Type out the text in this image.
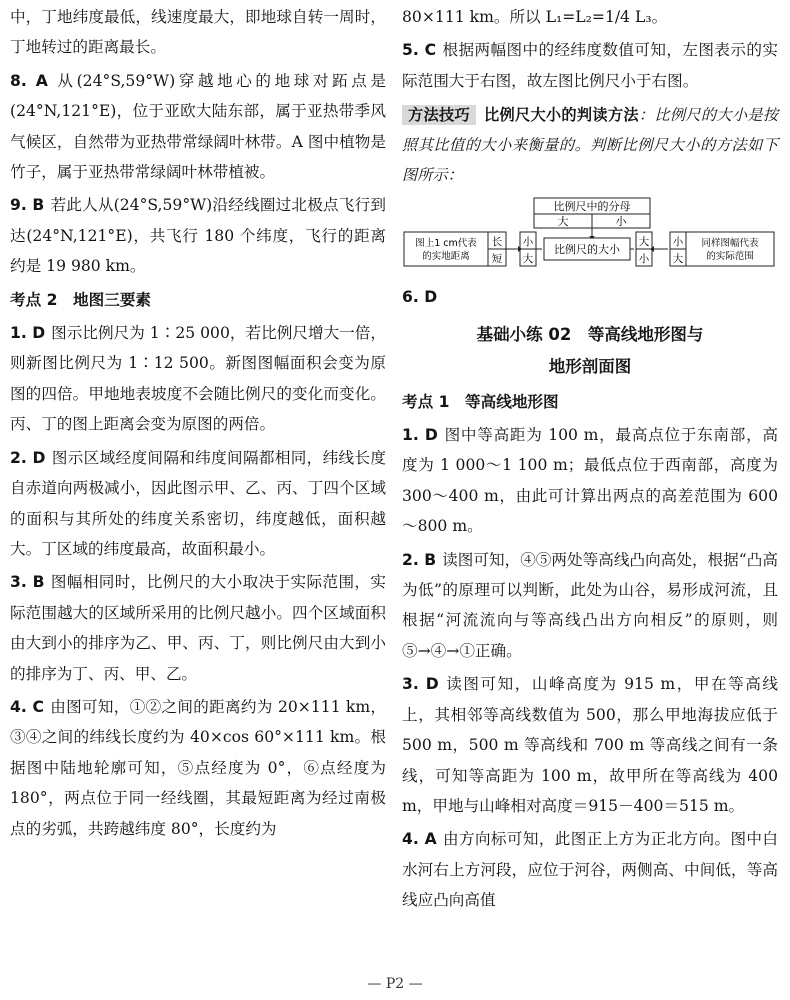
中，丁地纬度最低，线速度最大，即地球自转一周时，丁地转过的距离最长。

8. A 从(24°S,59°W)穿越地心的地球对跖点是(24°N,121°E)，位于亚欧大陆东部，属于亚热带季风气候区，自然带为亚热带常绿阔叶林带。A 图中植物是竹子，属于亚热带常绿阔叶林带植被。

9. B 若此人从(24°S,59°W)沿经线圈过北极点飞行到达(24°N,121°E)，共飞行 180 个纬度，飞行的距离约是 19 980 km。

考点 2　地图三要素

1. D 图示比例尺为 1∶25 000，若比例尺增大一倍，则新图比例尺为 1∶12 500。新图图幅面积会变为原图的四倍。甲地地表坡度不会随比例尺的变化而变化。丙、丁的图上距离会变为原图的两倍。

2. D 图示区域经度间隔和纬度间隔都相同，纬线长度自赤道向两极减小，因此图示甲、乙、丙、丁四个区域的面积与其所处的纬度关系密切，纬度越低，面积越大。丁区域的纬度最高，故面积最小。

3. B 图幅相同时，比例尺的大小取决于实际范围，实际范围越大的区域所采用的比例尺越小。四个区域面积由大到小的排序为乙、甲、丙、丁，则比例尺由大到小的排序为丁、丙、甲、乙。

4. C 由图可知，①②之间的距离约为 20×111 km，③④之间的纬线长度约为 40×cos 60°×111 km。根据图中陆地轮廓可知，⑤点经度为 0°，⑥点经度为 180°，两点位于同一经线圈，其最短距离为经过南极点的劣弧，共跨越纬度 80°，长度约为

80×111 km。所以 L₁=L₂=1/4 L₃。

5. C 根据两幅图中的经纬度数值可知，左图表示的实际范围大于右图，故左图比例尺小于右图。

方法技巧 比例尺大小的判读方法：比例尺的大小是按照其比值的大小来衡量的。判断比例尺大小的方法如下图所示：

比例尺中的分母
大	小
图上1 cm代表
的实地距离
长
短
小
大
比例尺的大小
大
小
小
大
同样图幅代表
的实际范围

6. D

基础小练 02　等高线地形图与
地形剖面图

考点 1　等高线地形图

1. D 图中等高距为 100 m，最高点位于东南部，高度为 1 000～1 100 m；最低点位于西南部，高度为 300～400 m，由此可计算出两点的高差范围为 600～800 m。

2. B 读图可知，④⑤两处等高线凸向高处，根据“凸高为低”的原理可以判断，此处为山谷，易形成河流，且根据“河流流向与等高线凸出方向相反”的原则，则⑤→④→①正确。

3. D 读图可知，山峰高度为 915 m，甲在等高线上，其相邻等高线数值为 500，那么甲地海拔应低于 500 m，500 m 等高线和 700 m 等高线之间有一条线，可知等高距为 100 m，故甲所在等高线为 400 m，甲地与山峰相对高度＝915－400＝515 m。

4. A 由方向标可知，此图正上方为正北方向。图中白水河右上方河段，应位于河谷，两侧高、中间低，等高线应凸向高值

— P2 —
